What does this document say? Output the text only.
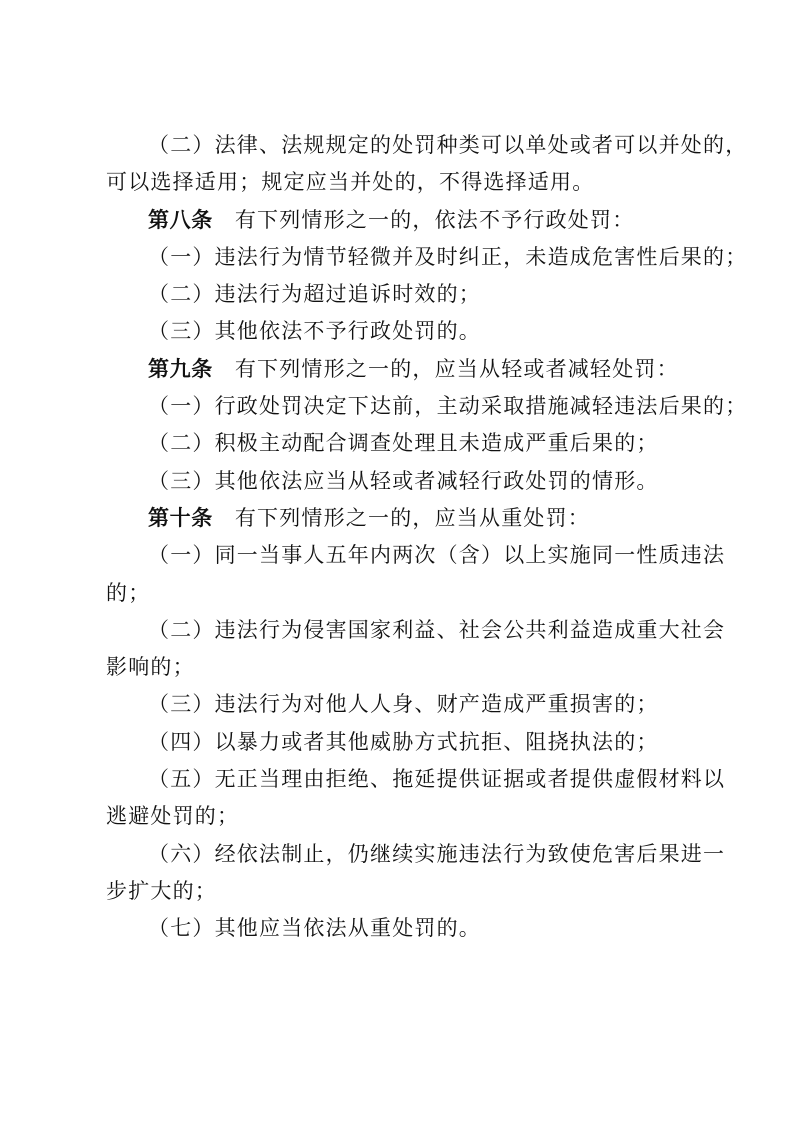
（二）法律、法规规定的处罚种类可以单处或者可以并处的，
可以选择适用；规定应当并处的，不得选择适用。
第八条 有下列情形之一的，依法不予行政处罚：
（一）违法行为情节轻微并及时纠正，未造成危害性后果的；
（二）违法行为超过追诉时效的；
（三）其他依法不予行政处罚的。
第九条 有下列情形之一的，应当从轻或者减轻处罚：
（一）行政处罚决定下达前，主动采取措施减轻违法后果的；
（二）积极主动配合调查处理且未造成严重后果的；
（三）其他依法应当从轻或者减轻行政处罚的情形。
第十条 有下列情形之一的，应当从重处罚：
（一）同一当事人五年内两次（含）以上实施同一性质违法
的；
（二）违法行为侵害国家利益、社会公共利益造成重大社会
影响的；
（三）违法行为对他人人身、财产造成严重损害的；
（四）以暴力或者其他威胁方式抗拒、阻挠执法的；
（五）无正当理由拒绝、拖延提供证据或者提供虚假材料以
逃避处罚的；
（六）经依法制止，仍继续实施违法行为致使危害后果进一
步扩大的；
（七）其他应当依法从重处罚的。
